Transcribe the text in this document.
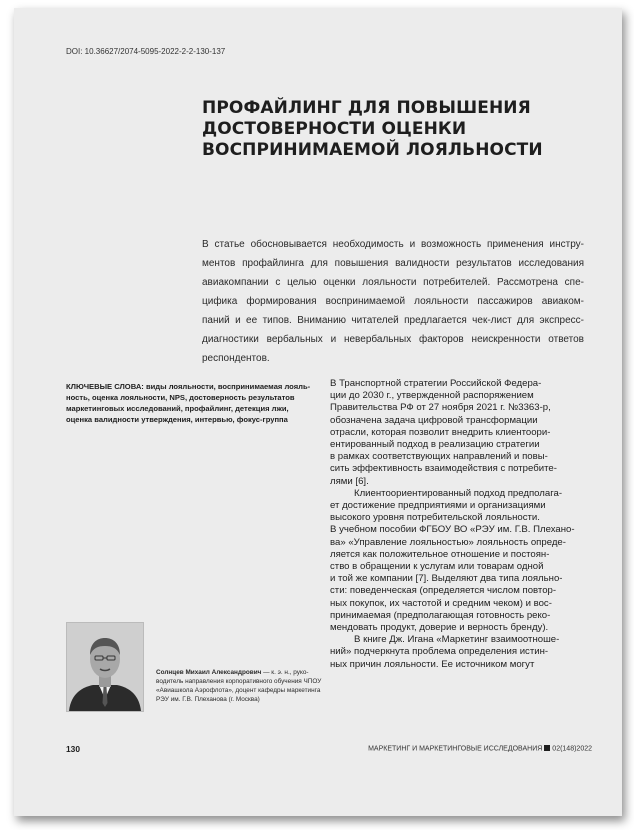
DOI: 10.36627/2074-5095-2022-2-2-130-137
ПРОФАЙЛИНГ ДЛЯ ПОВЫШЕНИЯ
ДОСТОВЕРНОСТИ ОЦЕНКИ
ВОСПРИНИМАЕМОЙ ЛОЯЛЬНОСТИ
В статье обосновывается необходимость и возможность применения инстру-
ментов профайлинга для повышения валидности результатов исследования
авиакомпании с целью оценки лояльности потребителей. Рассмотрена спе-
цифика формирования воспринимаемой лояльности пассажиров авиаком-
паний и ее типов. Вниманию читателей предлагается чек-лист для экспресс-
диагностики вербальных и невербальных факторов неискренности ответов
респондентов.
КЛЮЧЕВЫЕ СЛОВА: виды лояльности, воспринимаемая лояль-
ность, оценка лояльности, NPS, достоверность результатов
маркетинговых исследований, профайлинг, детекция лжи,
оценка валидности утверждения, интервью, фокус-группа
В Транспортной стратегии Российской Федера-
ции до 2030 г., утвержденной распоряжением
Правительства РФ от 27 ноября 2021 г. №3363-р,
обозначена задача цифровой трансформации
отрасли, которая позволит внедрить клиентоори-
ентированный подход в реализацию стратегии
в рамках соответствующих направлений и повы-
сить эффективность взаимодействия с потребите-
лями [6].
Клиентоориентированный подход предполага-
ет достижение предприятиями и организациями
высокого уровня потребительской лояльности.
В учебном пособии ФГБОУ ВО «РЭУ им. Г.В. Плехано-
ва» «Управление лояльностью» лояльность опреде-
ляется как положительное отношение и постоян-
ство в обращении к услугам или товарам одной
и той же компании [7]. Выделяют два типа лояльно-
сти: поведенческая (определяется числом повтор-
ных покупок, их частотой и средним чеком) и вос-
принимаемая (предполагающая готовность реко-
мендовать продукт, доверие и верность бренду).
В книге Дж. Игана «Маркетинг взаимоотноше-
ний» подчеркнута проблема определения истин-
ных причин лояльности. Ее источником могут
Солнцев Михаил Александрович — к. э. н., руко-
водитель направления корпоративного обучения ЧПОУ
«Авиашкола Аэрофлота», доцент кафедры маркетинга
РЭУ им. Г.В. Плеханова (г. Москва)
130	МАРКЕТИНГ И МАРКЕТИНГОВЫЕ ИССЛЕДОВАНИЯ 02(148)2022
